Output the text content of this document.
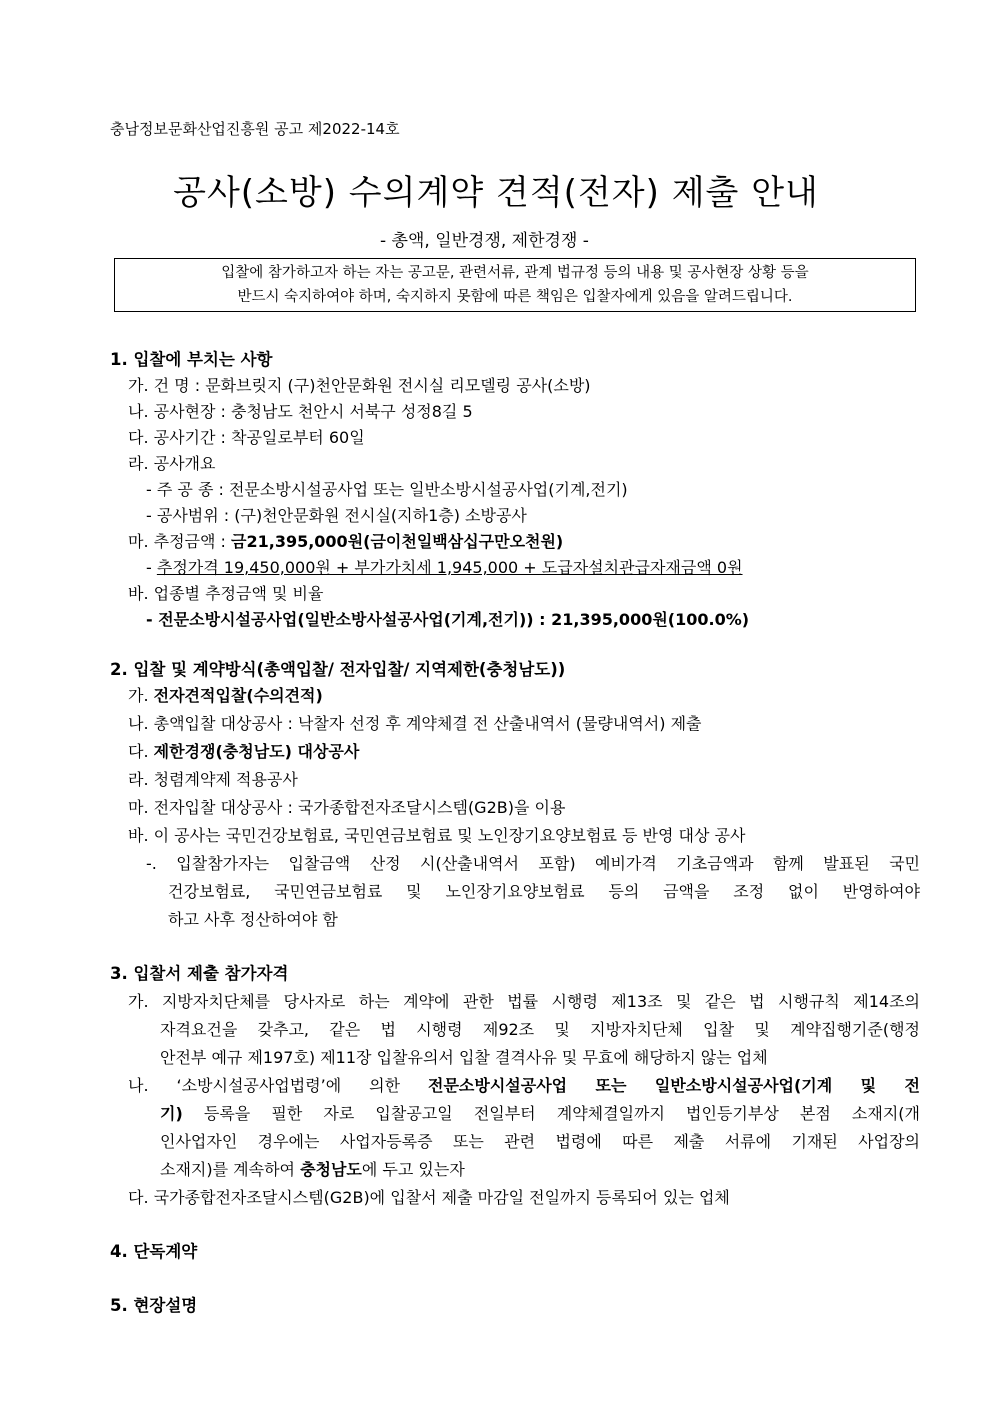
충남정보문화산업진흥원 공고 제2022-14호
공사(소방) 수의계약 견적(전자) 제출 안내
- 총액, 일반경쟁, 제한경쟁 -
입찰에 참가하고자 하는 자는 공고문, 관련서류, 관계 법규정 등의 내용 및 공사현장 상황 등을
반드시 숙지하여야 하며, 숙지하지 못함에 따른 책임은 입찰자에게 있음을 알려드립니다.
1. 입찰에 부치는 사항
가. 건 명 : 문화브릿지 (구)천안문화원 전시실 리모델링 공사(소방)
나. 공사현장 : 충청남도 천안시 서북구 성정8길 5
다. 공사기간 : 착공일로부터 60일
라. 공사개요
- 주 공 종 : 전문소방시설공사업 또는 일반소방시설공사업(기계,전기)
- 공사범위 : (구)천안문화원 전시실(지하1층) 소방공사
마. 추정금액 : 금21,395,000원(금이천일백삼십구만오천원)
- 추정가격 19,450,000원 + 부가가치세 1,945,000 + 도급자설치관급자재금액 0원
바. 업종별 추정금액 및 비율
- 전문소방시설공사업(일반소방사설공사업(기계,전기)) : 21,395,000원(100.0%)
2. 입찰 및 계약방식(총액입찰/ 전자입찰/ 지역제한(충청남도))
가. 전자견적입찰(수의견적)
나. 총액입찰 대상공사 : 낙찰자 선정 후 계약체결 전 산출내역서 (물량내역서) 제출
다. 제한경쟁(충청남도) 대상공사
라. 청렴계약제 적용공사
마. 전자입찰 대상공사 : 국가종합전자조달시스템(G2B)을 이용
바. 이 공사는 국민건강보험료, 국민연금보험료 및 노인장기요양보험료 등 반영 대상 공사
-. 입찰참가자는 입찰금액 산정 시(산출내역서 포함) 예비가격 기초금액과 함께 발표된 국민
건강보험료, 국민연금보험료 및 노인장기요양보험료 등의 금액을 조정 없이 반영하여야
하고 사후 정산하여야 함
3. 입찰서 제출 참가자격
가. 지방자치단체를 당사자로 하는 계약에 관한 법률 시행령 제13조 및 같은 법 시행규칙 제14조의
자격요건을 갖추고, 같은 법 시행령 제92조 및 지방자치단체 입찰 및 계약집행기준(행정
안전부 예규 제197호) 제11장 입찰유의서 입찰 결격사유 및 무효에 해당하지 않는 업체
나. ‘소방시설공사업법령’에 의한 전문소방시설공사업 또는 일반소방시설공사업(기계 및 전
기) 등록을 필한 자로 입찰공고일 전일부터 계약체결일까지 법인등기부상 본점 소재지(개
인사업자인 경우에는 사업자등록증 또는 관련 법령에 따른 제출 서류에 기재된 사업장의
소재지)를 계속하여 충청남도에 두고 있는자
다. 국가종합전자조달시스템(G2B)에 입찰서 제출 마감일 전일까지 등록되어 있는 업체
4. 단독계약
5. 현장설명
